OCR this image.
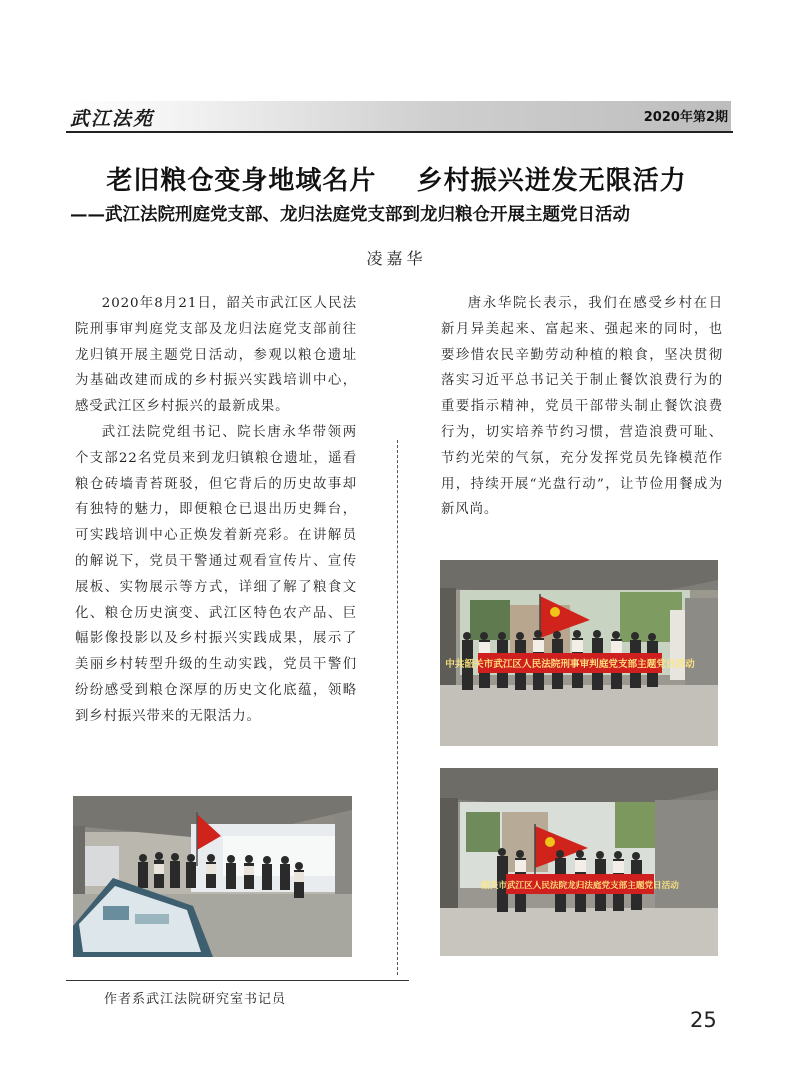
武江法苑	2020年第2期
老旧粮仓变身地域名片    乡村振兴迸发无限活力
——武江法院刑庭党支部、龙归法庭党支部到龙归粮仓开展主题党日活动
凌嘉华

2020年8月21日，韶关市武江区人民法院刑事审判庭党支部及龙归法庭党支部前往龙归镇开展主题党日活动，参观以粮仓遗址为基础改建而成的乡村振兴实践培训中心，感受武江区乡村振兴的最新成果。

武江法院党组书记、院长唐永华带领两个支部22名党员来到龙归镇粮仓遗址，遥看粮仓砖墙青苔斑驳，但它背后的历史故事却有独特的魅力，即便粮仓已退出历史舞台，可实践培训中心正焕发着新亮彩。在讲解员的解说下，党员干警通过观看宣传片、宣传展板、实物展示等方式，详细了解了粮食文化、粮仓历史演变、武江区特色农产品、巨幅影像投影以及乡村振兴实践成果，展示了美丽乡村转型升级的生动实践，党员干警们纷纷感受到粮仓深厚的历史文化底蕴，领略到乡村振兴带来的无限活力。

唐永华院长表示，我们在感受乡村在日新月异美起来、富起来、强起来的同时，也要珍惜农民辛勤劳动种植的粮食，坚决贯彻落实习近平总书记关于制止餐饮浪费行为的重要指示精神，党员干部带头制止餐饮浪费行为，切实培养节约习惯，营造浪费可耻、节约光荣的气氛，充分发挥党员先锋模范作用，持续开展“光盘行动”，让节俭用餐成为新风尚。

中共韶关市武江区人民法院刑事审判庭党支部主题党日活动
韶关市武江区人民法院龙归法庭党支部主题党日活动
作者系武江法院研究室书记员
25
